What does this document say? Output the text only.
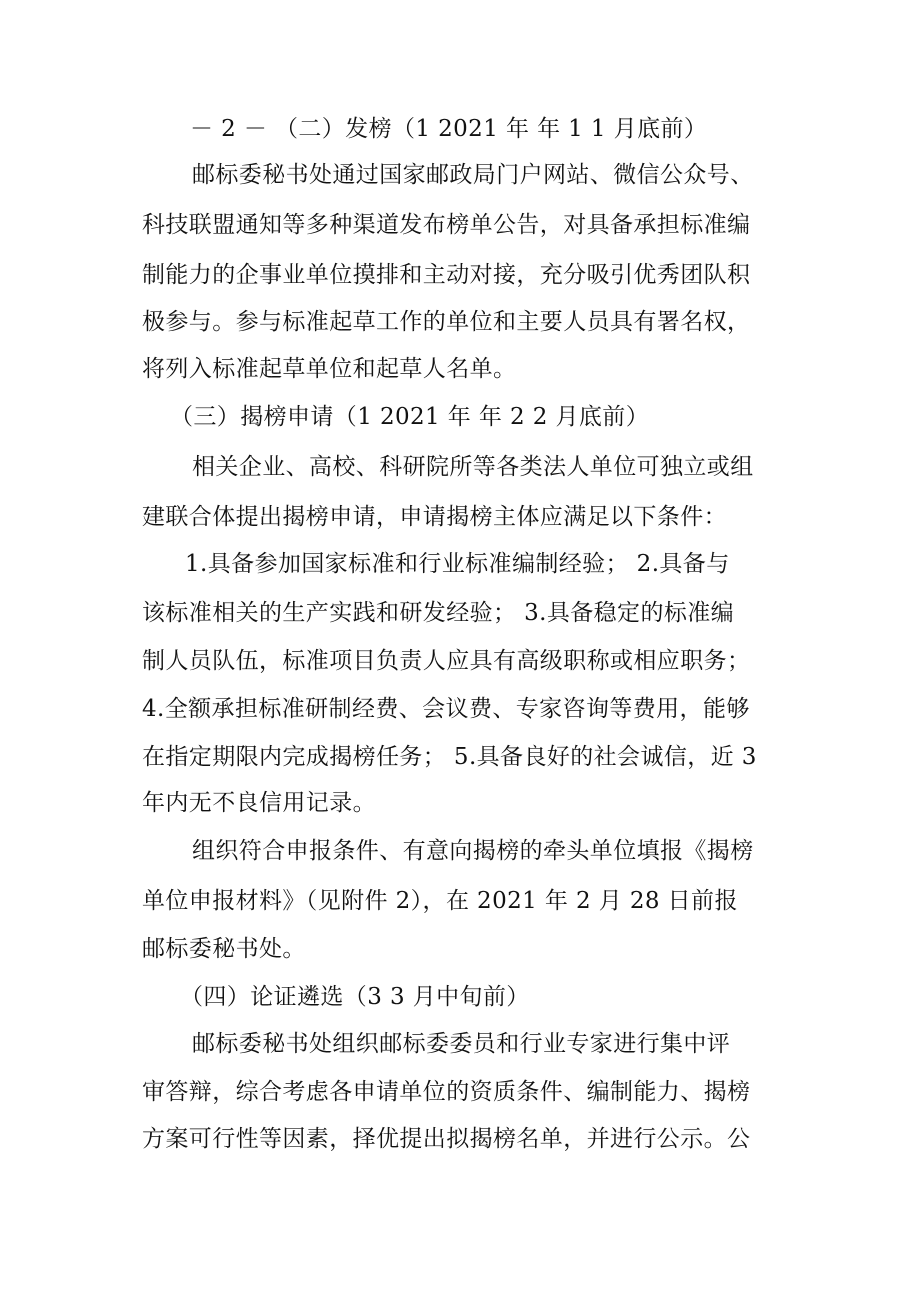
－ 2 － （二）发榜（1 2021 年 年 1 1 月底前）
邮标委秘书处通过国家邮政局门户网站、微信公众号、
科技联盟通知等多种渠道发布榜单公告，对具备承担标准编
制能力的企事业单位摸排和主动对接，充分吸引优秀团队积
极参与。参与标准起草工作的单位和主要人员具有署名权，
将列入标准起草单位和起草人名单。
（三）揭榜申请（1 2021 年 年 2 2 月底前）
相关企业、高校、科研院所等各类法人单位可独立或组
建联合体提出揭榜申请，申请揭榜主体应满足以下条件：
1.具备参加国家标准和行业标准编制经验； 2.具备与
该标准相关的生产实践和研发经验； 3.具备稳定的标准编
制人员队伍，标准项目负责人应具有高级职称或相应职务；
4.全额承担标准研制经费、会议费、专家咨询等费用，能够
在指定期限内完成揭榜任务； 5.具备良好的社会诚信，近 3
年内无不良信用记录。
组织符合申报条件、有意向揭榜的牵头单位填报《揭榜
单位申报材料》（见附件 2），在 2021 年 2 月 28 日前报
邮标委秘书处。
（四）论证遴选（3 3 月中旬前）
邮标委秘书处组织邮标委委员和行业专家进行集中评
审答辩，综合考虑各申请单位的资质条件、编制能力、揭榜
方案可行性等因素，择优提出拟揭榜名单，并进行公示。公
